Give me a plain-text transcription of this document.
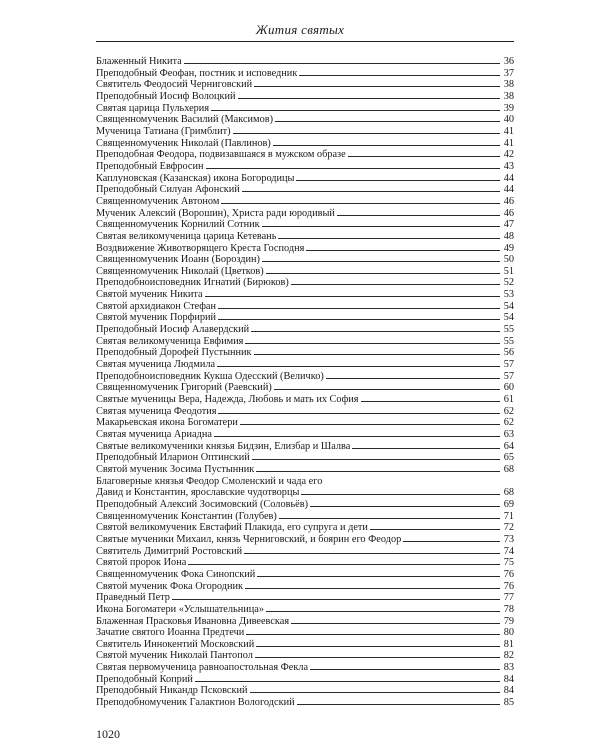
Жития святых
Блаженный Никита	36
Преподобный Феофан, постник и исповедник	37
Святитель Феодосий Черниговский	38
Преподобный Иосиф Волоцкий	38
Святая царица Пульхерия	39
Священномученик Василий (Максимов)	40
Мученица Татиана (Гримблит)	41
Священномученик Николай (Павлинов)	41
Преподобная Феодора, подвизавшаяся в мужском образе	42
Преподобный Евфросин	43
Каплуновская (Казанская) икона Богородицы	44
Преподобный Силуан Афонский	44
Священномученик Автоном	46
Мученик Алексий (Ворошин), Христа ради юродивый	46
Священномученик Корнилий Сотник	47
Святая великомученица царица Кетевань	48
Воздвижение Животворящего Креста Господня	49
Священномученик Иоанн (Бороздин)	50
Священномученик Николай (Цветков)	51
Преподобноисповедник Игнатий (Бирюков)	52
Святой мученик Никита	53
Святой архидиакон Стефан	54
Святой мученик Порфирий	54
Преподобный Иосиф Алавердский	55
Святая великомученица Евфимия	55
Преподобный Дорофей Пустынник	56
Святая мученица Людмила	57
Преподобноисповедник Кукша Одесский (Величко)	57
Священномученик Григорий (Раевский)	60
Святые мученицы Вера, Надежда, Любовь и мать их София	61
Святая мученица Феодотия	62
Макарьевская икона Богоматери	62
Святая мученица Ариадна	63
Святые великомученики князья Бидзин, Елизбар и Шалва	64
Преподобный Иларион Оптинский	65
Святой мученик Зосима Пустынник	68
Благоверные князья Феодор Смоленский и чада его
Давид и Константин, ярославские чудотворцы	68
Преподобный Алексий Зосимовский (Соловьёв)	69
Священномученик Константин (Голубев)	71
Святой великомученик Евстафий Плакида, его супруга и дети	72
Святые мученики Михаил, князь Черниговский, и боярин его Феодор	73
Святитель Димитрий Ростовский	74
Святой пророк Иона	75
Священномученик Фока Синопский	76
Святой мученик Фока Огородник	76
Праведный Петр	77
Икона Богоматери «Услышательница»	78
Блаженная Прасковья Ивановна Дивеевская	79
Зачатие святого Иоанна Предтечи	80
Святитель Иннокентий Московский	81
Святой мученик Николай Пантопол	82
Святая первомученица равноапостольная Фекла	83
Преподобный Коприй	84
Преподобный Никандр Псковский	84
Преподобномученик Галактион Вологодский	85
1020
